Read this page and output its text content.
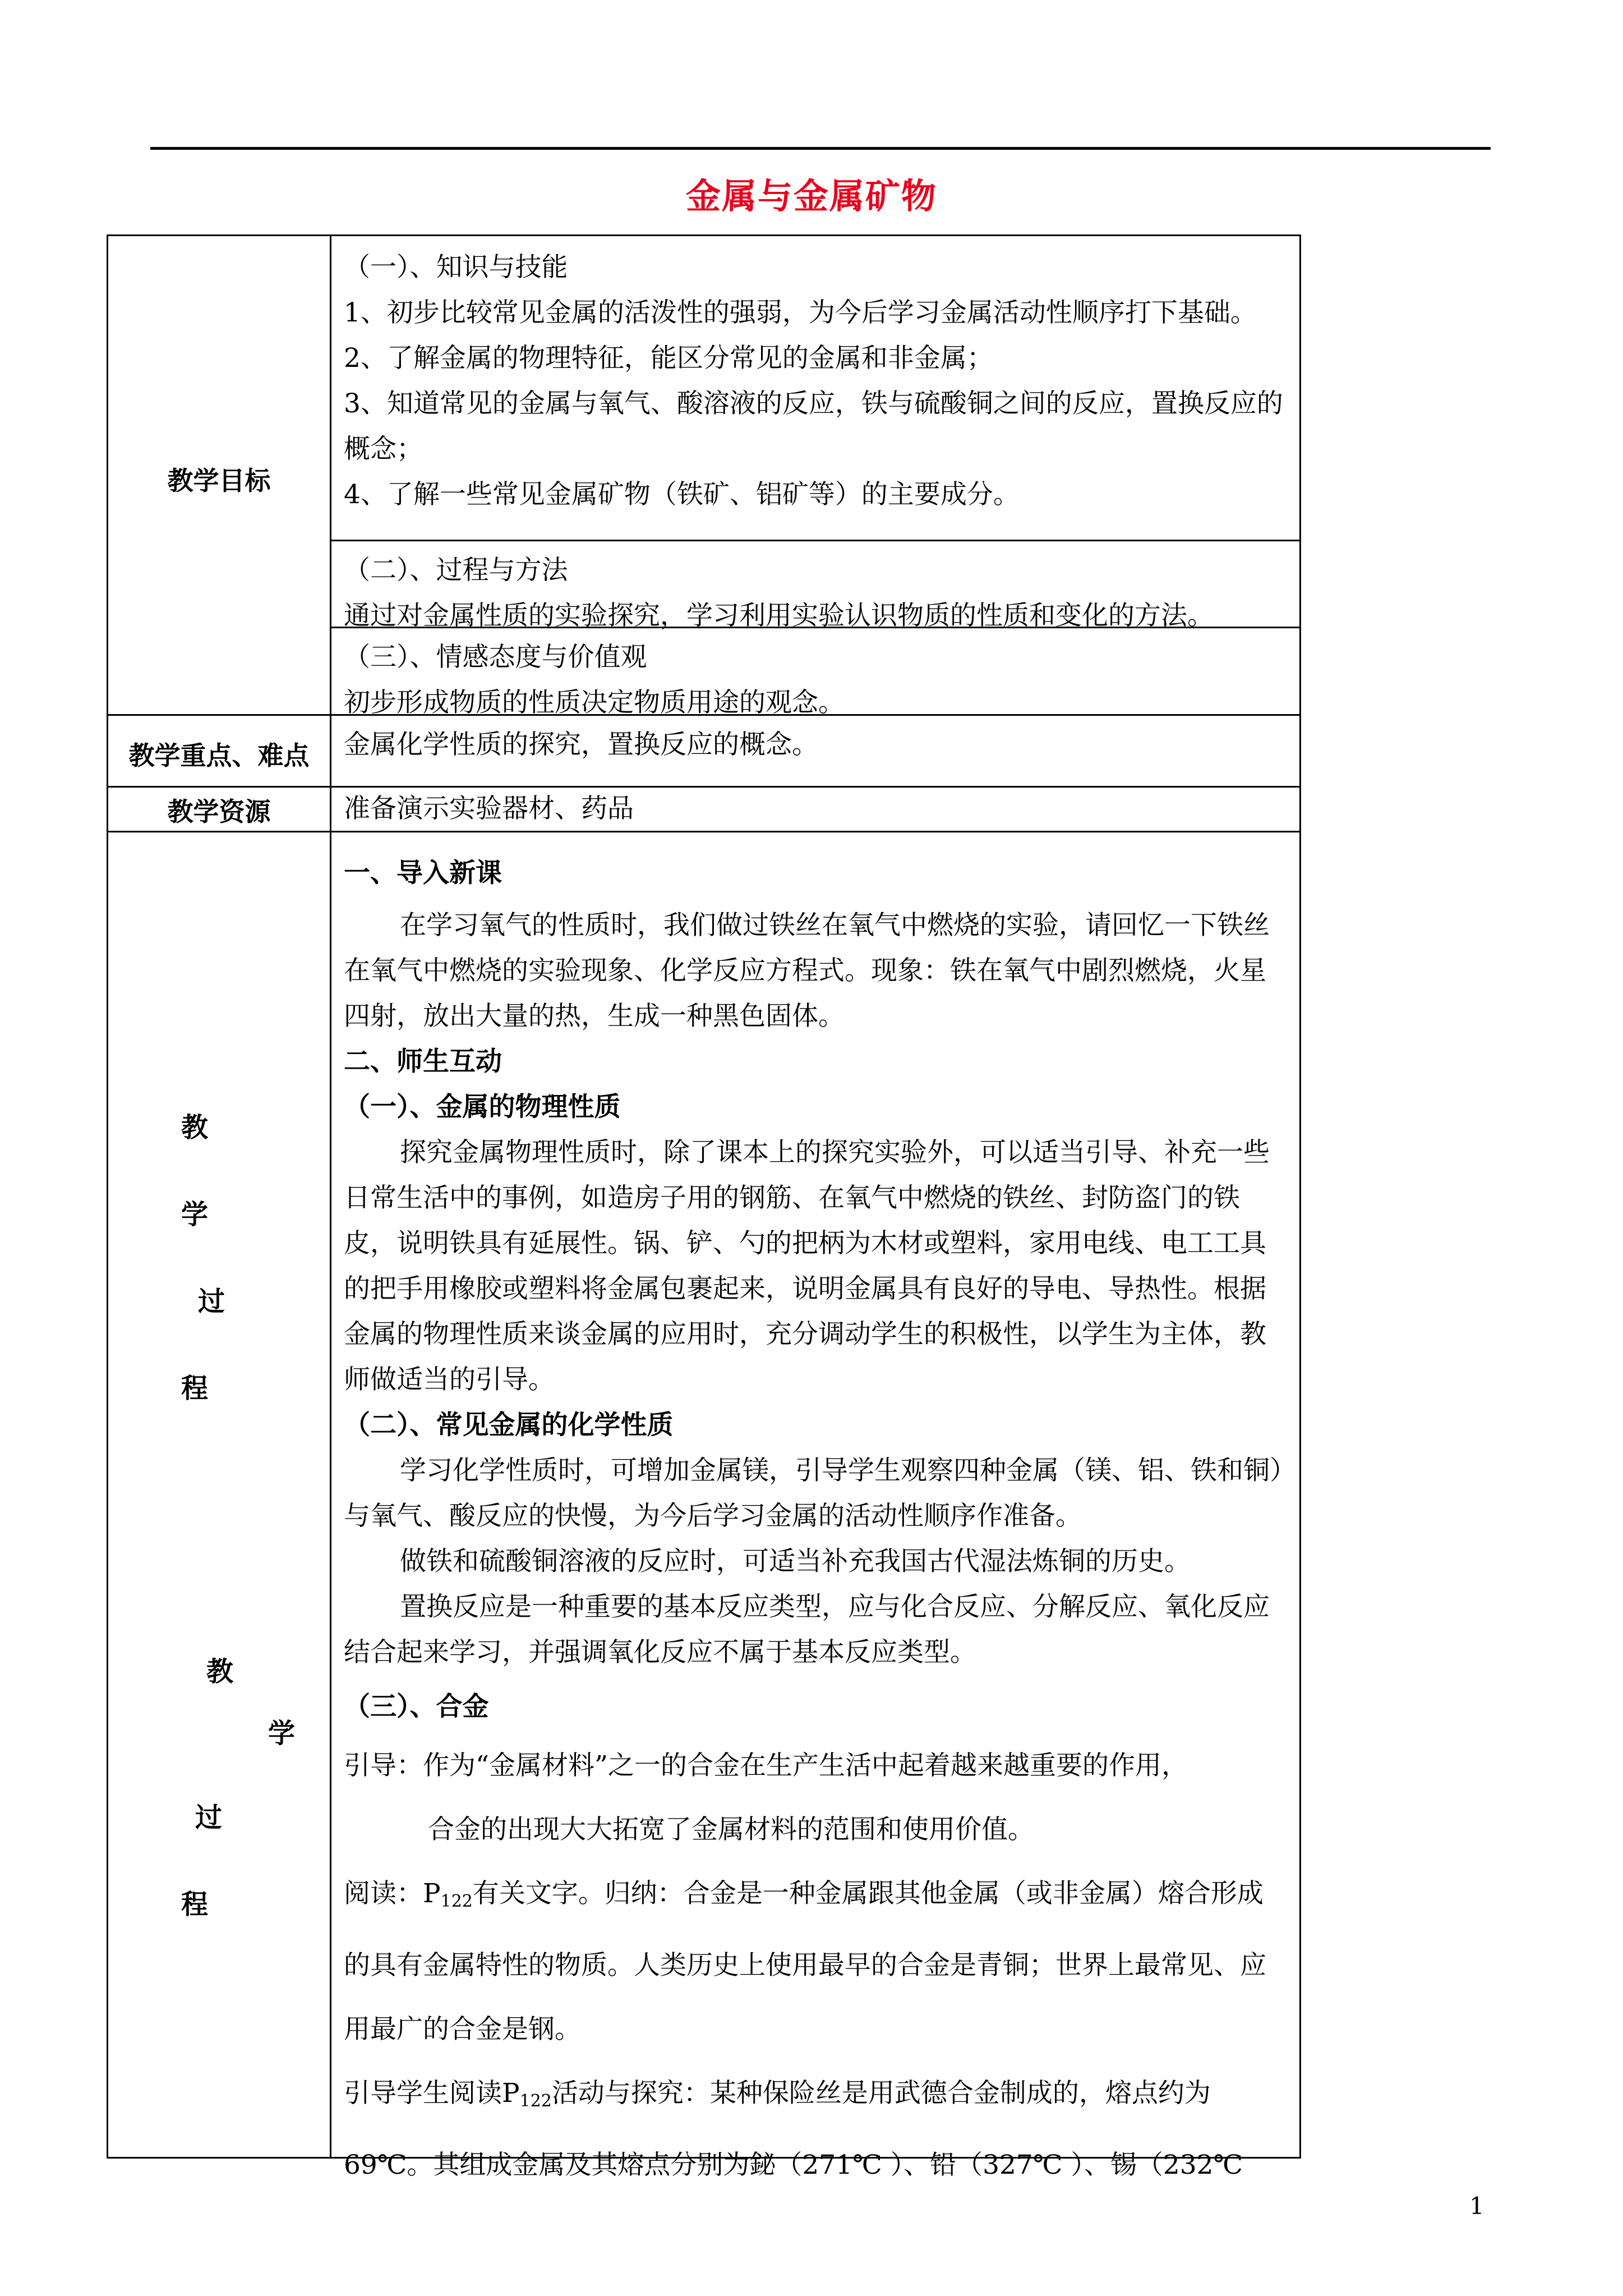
金属与金属矿物
教学目标

（一）、知识与技能

1、初步比较常见金属的活泼性的强弱，为今后学习金属活动性顺序打下基础。

2、了解金属的物理特征，能区分常见的金属和非金属；

3、知道常见的金属与氧气、酸溶液的反应，铁与硫酸铜之间的反应，置换反应的概念；

4、了解一些常见金属矿物（铁矿、铝矿等）的主要成分。

（二）、过程与方法

通过对金属性质的实验探究，学习利用实验认识物质的性质和变化的方法。

（三）、情感态度与价值观

初步形成物质的性质决定物质用途的观念。

教学重点、难点	金属化学性质的探究，置换反应的概念。
教学资源	准备演示实验器材、药品
教
学
过
程
教
学
过
程

一、导入新课

在学习氧气的性质时，我们做过铁丝在氧气中燃烧的实验，请回忆一下铁丝在氧气中燃烧的实验现象、化学反应方程式。现象：铁在氧气中剧烈燃烧，火星四射，放出大量的热，生成一种黑色固体。

二、师生互动

（一）、金属的物理性质

探究金属物理性质时，除了课本上的探究实验外，可以适当引导、补充一些日常生活中的事例，如造房子用的钢筋、在氧气中燃烧的铁丝、封防盗门的铁皮，说明铁具有延展性。锅、铲、勺的把柄为木材或塑料，家用电线、电工工具的把手用橡胶或塑料将金属包裹起来，说明金属具有良好的导电、导热性。根据金属的物理性质来谈金属的应用时，充分调动学生的积极性，以学生为主体，教师做适当的引导。

（二）、常见金属的化学性质

学习化学性质时，可增加金属镁，引导学生观察四种金属（镁、铝、铁和铜）与氧气、酸反应的快慢，为今后学习金属的活动性顺序作准备。

做铁和硫酸铜溶液的反应时，可适当补充我国古代湿法炼铜的历史。

置换反应是一种重要的基本反应类型，应与化合反应、分解反应、氧化反应结合起来学习，并强调氧化反应不属于基本反应类型。

（三）、合金

引导：作为“金属材料”之一的合金在生产生活中起着越来越重要的作用，

合金的出现大大拓宽了金属材料的范围和使用价值。

阅读：$P_{122}$有关文字。归纳：合金是一种金属跟其他金属（或非金属）熔合形成的具有金属特性的物质。人类历史上使用最早的合金是青铜；世界上最常见、应用最广的合金是钢。

引导学生阅读$P_{122}$活动与探究：某种保险丝是用武德合金制成的，熔点约为69℃。其组成金属及其熔点分别为鉍（271℃ ）、铅（327℃ ）、锡（232℃

1
